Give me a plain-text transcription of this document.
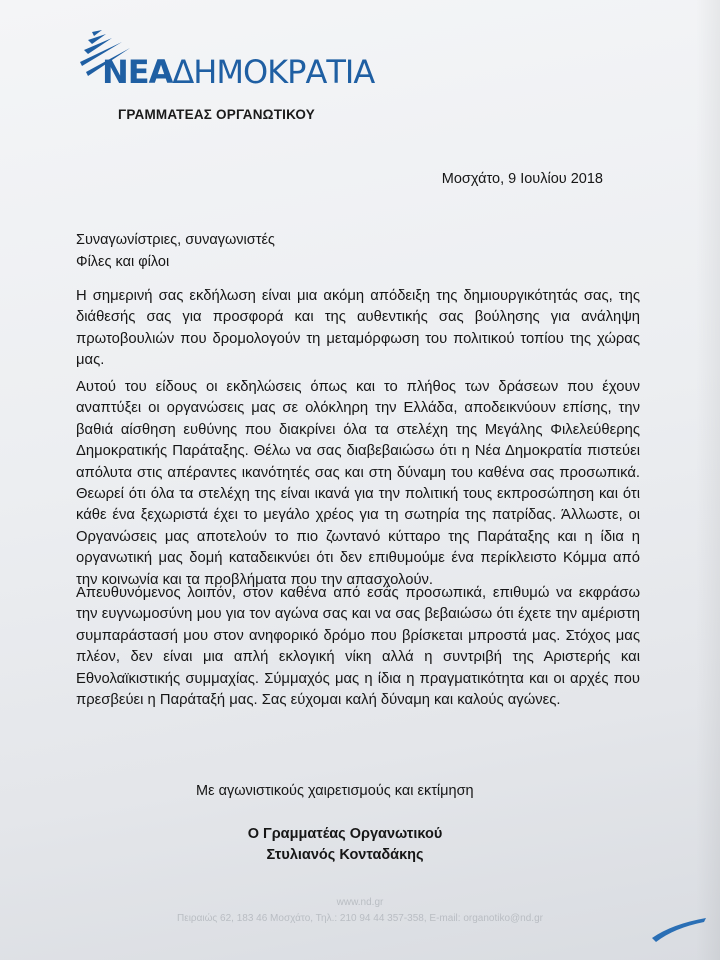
ΝΕΑΔΗΜΟΚΡΑΤΙΑ
ΓΡΑΜΜΑΤΕΑΣ ΟΡΓΑΝΩΤΙΚΟΥ
Μοσχάτο, 9 Ιουλίου 2018
Συναγωνίστριες, συναγωνιστές
Φίλες και φίλοι

Η σημερινή σας εκδήλωση είναι μια ακόμη απόδειξη της δημιουργικότητάς σας, της διάθεσής σας για προσφορά και της αυθεντικής σας βούλησης για ανάληψη πρωτοβουλιών που δρομολογούν τη μεταμόρφωση του πολιτικού τοπίου της χώρας μας.

Αυτού του είδους οι εκδηλώσεις όπως και το πλήθος των δράσεων που έχουν αναπτύξει οι οργανώσεις μας σε ολόκληρη την Ελλάδα, αποδεικνύουν επίσης, την βαθιά αίσθηση ευθύνης που διακρίνει όλα τα στελέχη της Μεγάλης Φιλελεύθερης Δημοκρατικής Παράταξης. Θέλω να σας διαβεβαιώσω ότι η Νέα Δημοκρατία πιστεύει απόλυτα στις απέραντες ικανότητές σας και στη δύναμη του καθένα σας προσωπικά. Θεωρεί ότι όλα τα στελέχη της είναι ικανά για την πολιτική τους εκπροσώπηση και ότι κάθε ένα ξεχωριστά έχει το μεγάλο χρέος για τη σωτηρία της πατρίδας. Άλλωστε, οι Οργανώσεις μας αποτελούν το πιο ζωντανό κύτταρο της Παράταξης και η ίδια η οργανωτική μας δομή καταδεικνύει ότι δεν επιθυμούμε ένα περίκλειστο Κόμμα από την κοινωνία και τα προβλήματα που την απασχολούν.

Απευθυνόμενος λοιπόν, στον καθένα από εσάς προσωπικά, επιθυμώ να εκφράσω την ευγνωμοσύνη μου για τον αγώνα σας και να σας βεβαιώσω ότι έχετε την αμέριστη συμπαράστασή μου στον ανηφορικό δρόμο που βρίσκεται μπροστά μας. Στόχος μας πλέον, δεν είναι μια απλή εκλογική νίκη αλλά η συντριβή της Αριστερής και Εθνολαϊκιστικής συμμαχίας. Σύμμαχός μας η ίδια η πραγματικότητα και οι αρχές που πρεσβεύει η Παράταξή μας. Σας εύχομαι καλή δύναμη και καλούς αγώνες.

Με αγωνιστικούς χαιρετισμούς και εκτίμηση
Ο Γραμματέας Οργανωτικού
Στυλιανός Κονταδάκης
www.nd.gr
Πειραιώς 62, 183 46 Μοσχάτο, Τηλ.: 210 94 44 357-358, E-mail: organotiko@nd.gr
